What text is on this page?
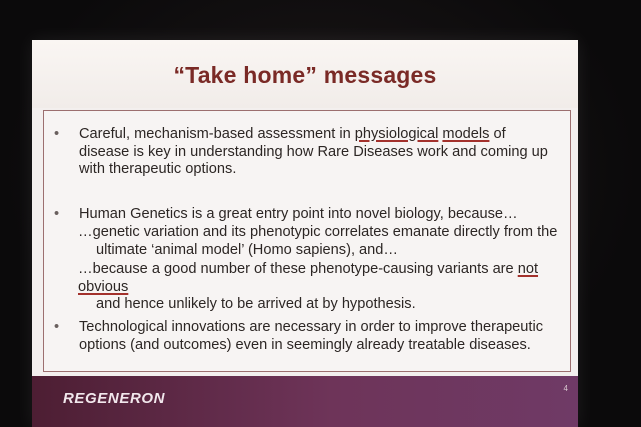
“Take home” messages
•	Careful, mechanism-based assessment in physiological models of disease is key in understanding how Rare Diseases work and coming up with therapeutic options.
•	Human Genetics is a great entry point into novel biology, because…
…genetic variation and its phenotypic correlates emanate directly from the
ultimate ‘animal model’ (Homo sapiens), and…
…because a good number of these phenotype-causing variants are not obvious
and hence unlikely to be arrived at by hypothesis.
•	Technological innovations are necessary in order to improve therapeutic options (and outcomes) even in seemingly already treatable diseases.
REGENERON
4
